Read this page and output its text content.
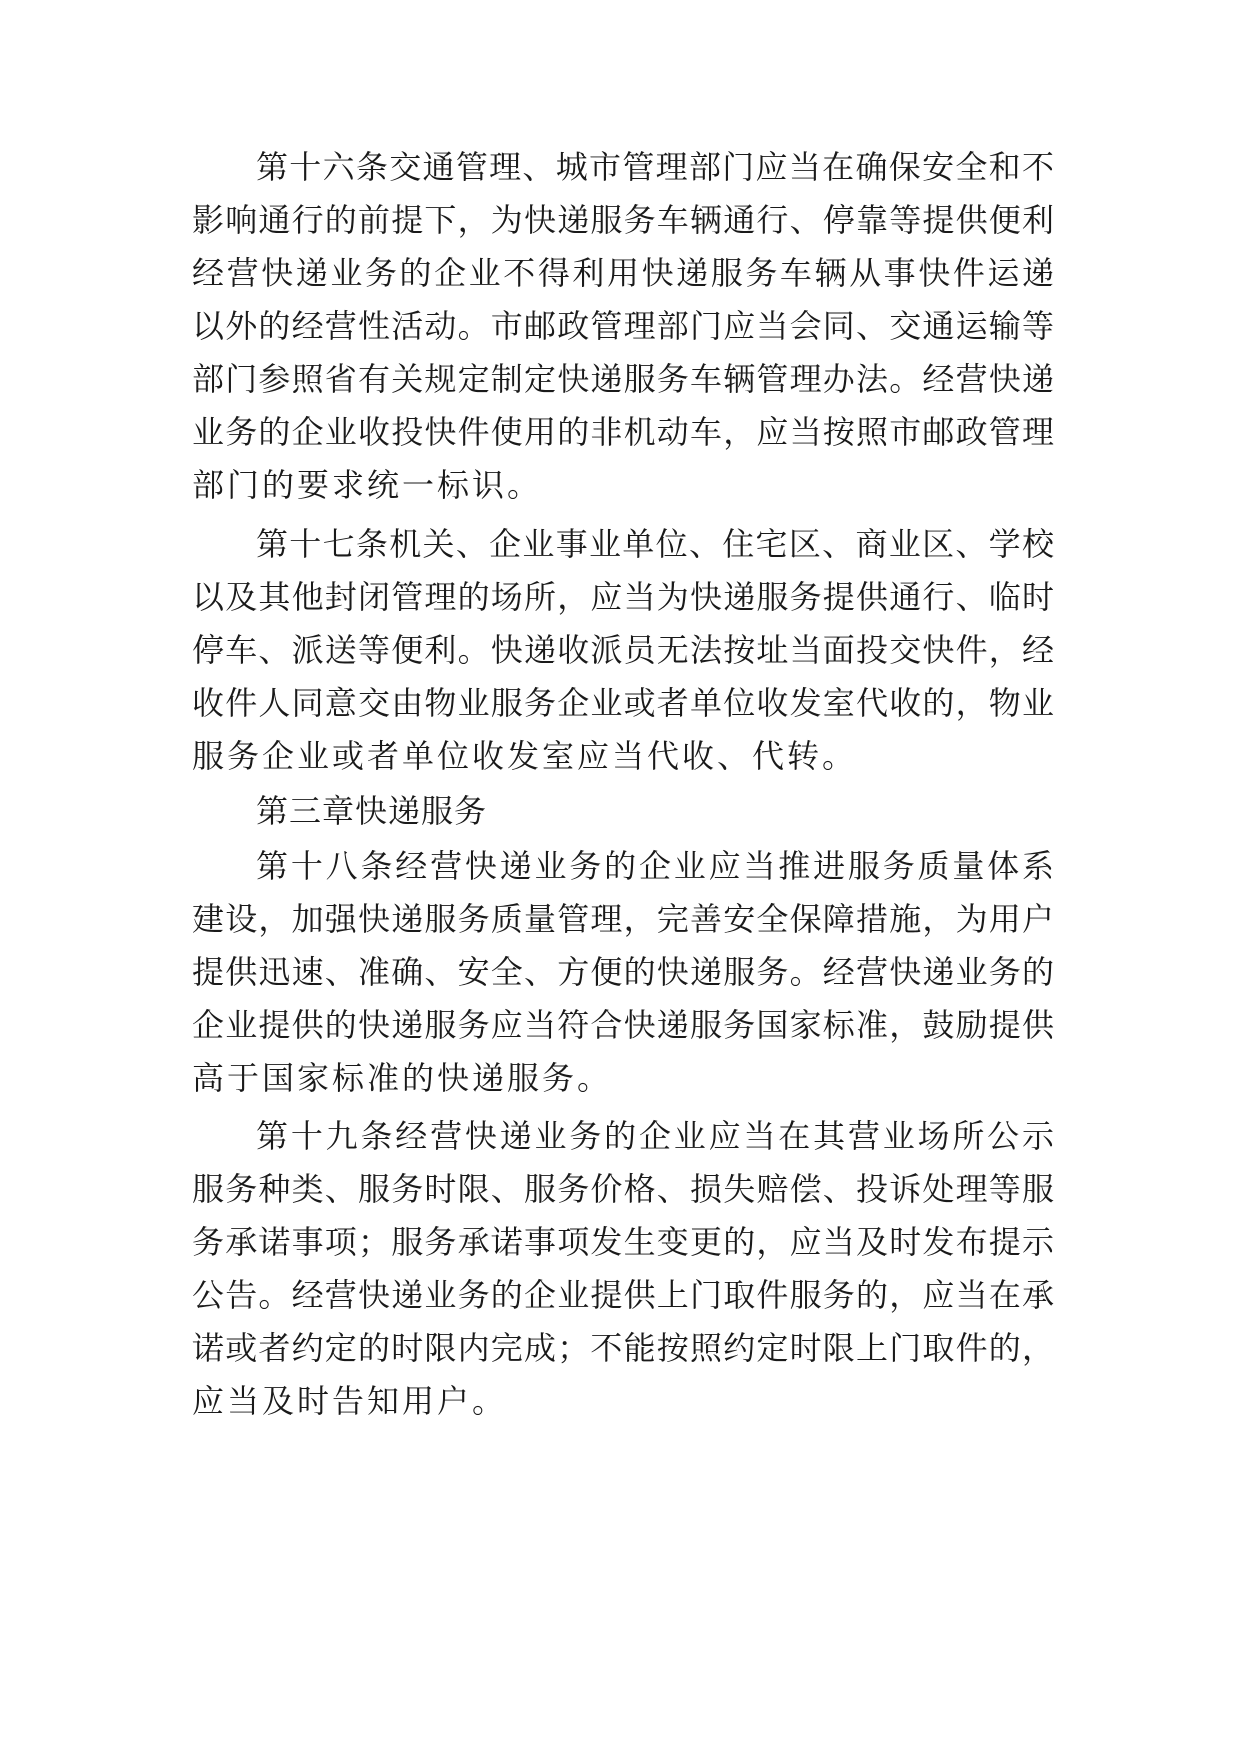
第十六条交通管理、城市管理部门应当在确保安全和不
影响通行的前提下，为快递服务车辆通行、停靠等提供便利
经营快递业务的企业不得利用快递服务车辆从事快件运递
以外的经营性活动。市邮政管理部门应当会同、交通运输等
部门参照省有关规定制定快递服务车辆管理办法。经营快递
业务的企业收投快件使用的非机动车，应当按照市邮政管理
部门的要求统一标识。
第十七条机关、企业事业单位、住宅区、商业区、学校
以及其他封闭管理的场所，应当为快递服务提供通行、临时
停车、派送等便利。快递收派员无法按址当面投交快件，经
收件人同意交由物业服务企业或者单位收发室代收的，物业
服务企业或者单位收发室应当代收、代转。
第三章快递服务
第十八条经营快递业务的企业应当推进服务质量体系
建设，加强快递服务质量管理，完善安全保障措施，为用户
提供迅速、准确、安全、方便的快递服务。经营快递业务的
企业提供的快递服务应当符合快递服务国家标准，鼓励提供
高于国家标准的快递服务。
第十九条经营快递业务的企业应当在其营业场所公示
服务种类、服务时限、服务价格、损失赔偿、投诉处理等服
务承诺事项；服务承诺事项发生变更的，应当及时发布提示
公告。经营快递业务的企业提供上门取件服务的，应当在承
诺或者约定的时限内完成；不能按照约定时限上门取件的，
应当及时告知用户。
